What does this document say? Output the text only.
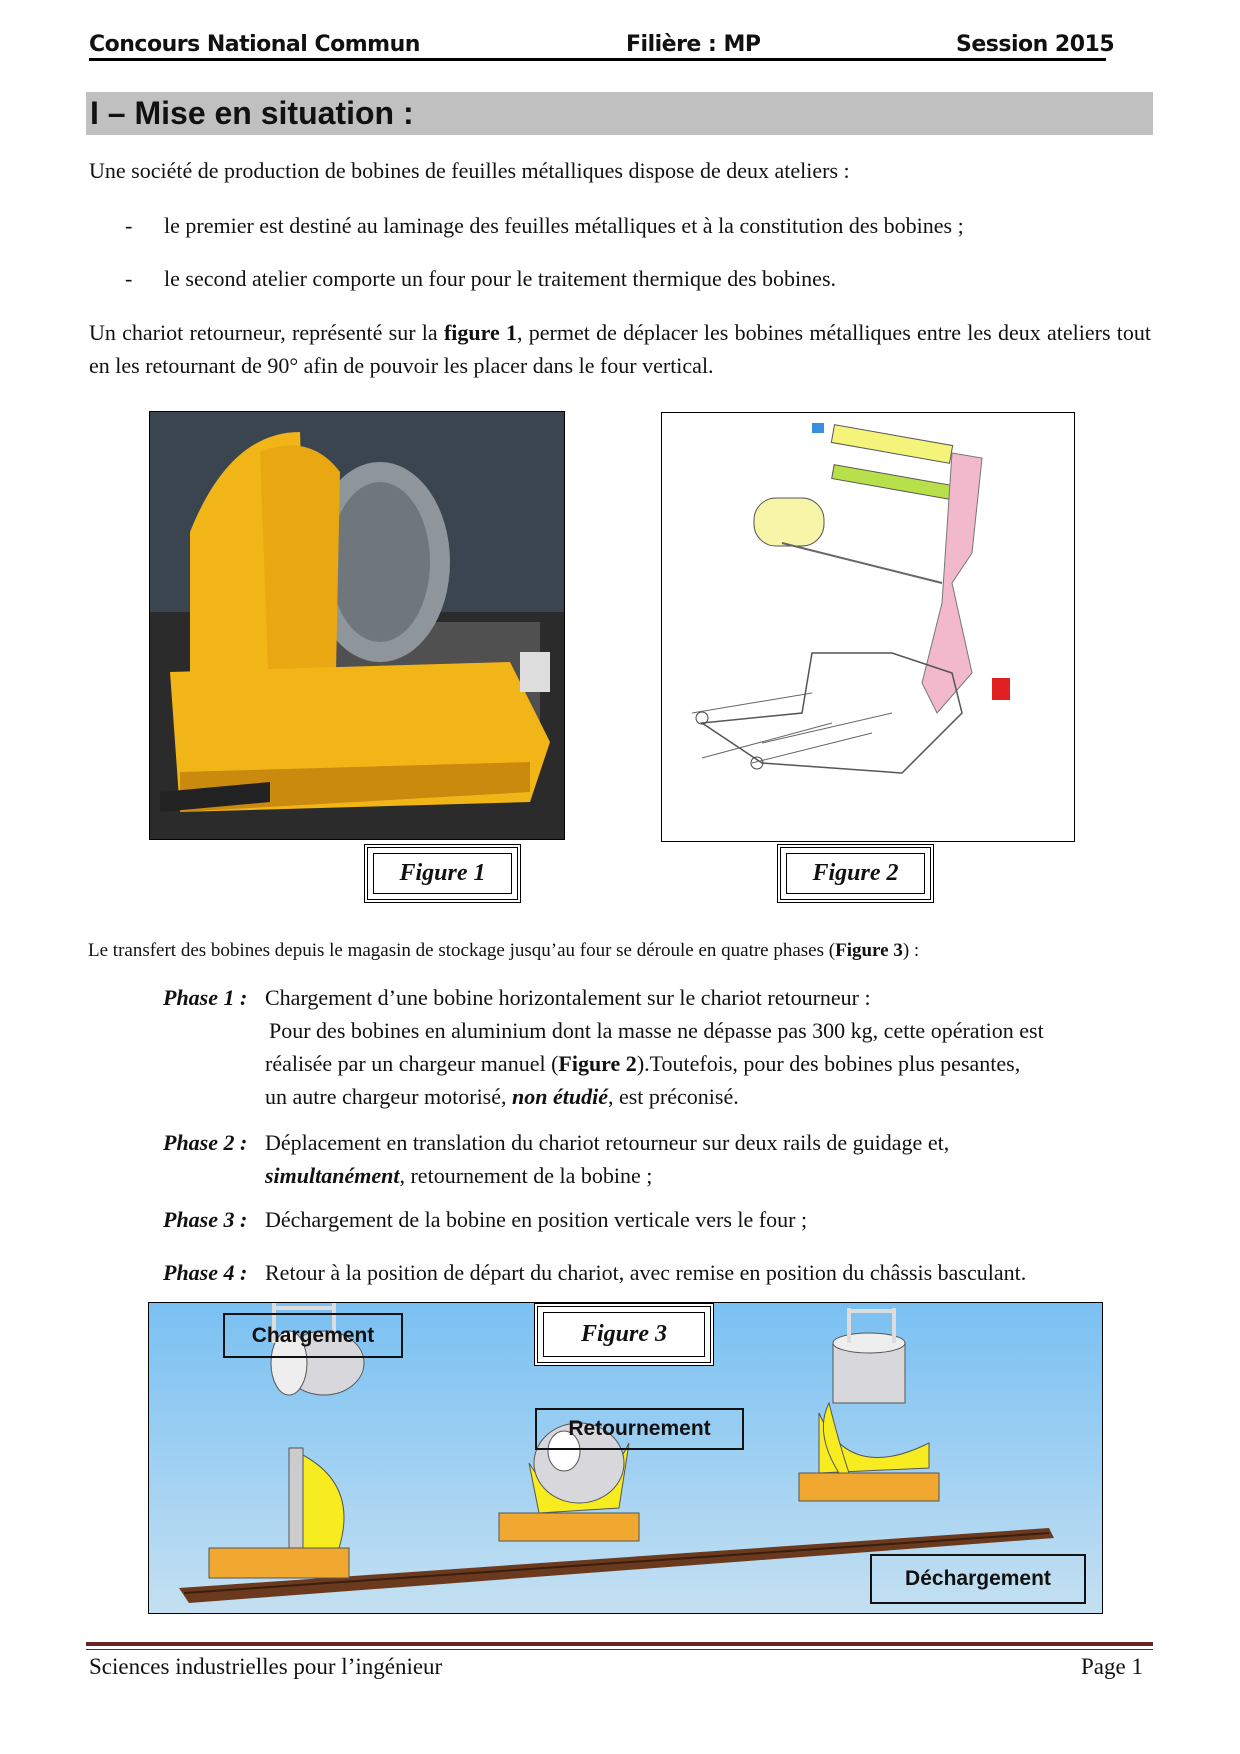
Concours National Commun	Filière : MP	Session 2015
I – Mise en situation :
Une société de production de bobines de feuilles métalliques dispose de deux ateliers :
- le premier est destiné au laminage des feuilles métalliques et à la constitution des bobines ;
- le second atelier comporte un four pour le traitement thermique des bobines.
Un chariot retourneur, représenté sur la figure 1, permet de déplacer les bobines métalliques entre les deux ateliers tout en les retournant de 90° afin de pouvoir les placer dans le four vertical.
Figure 1	Figure 2
Le transfert des bobines depuis le magasin de stockage jusqu’au four se déroule en quatre phases (Figure 3) :
Phase 1 : Chargement d’une bobine horizontalement sur le chariot retourneur :
Pour des bobines en aluminium dont la masse ne dépasse pas 300 kg, cette opération est
réalisée par un chargeur manuel (Figure 2).Toutefois, pour des bobines plus pesantes,
un autre chargeur motorisé, non étudié, est préconisé.
Phase 2 : Déplacement en translation du chariot retourneur sur deux rails de guidage et,
simultanément, retournement de la bobine ;
Phase 3 : Déchargement de la bobine en position verticale vers le four ;
Phase 4 : Retour à la position de départ du chariot, avec remise en position du châssis basculant.
Chargement	Figure 3
Retournement
Déchargement
Sciences industrielles pour l’ingénieur	Page 1
